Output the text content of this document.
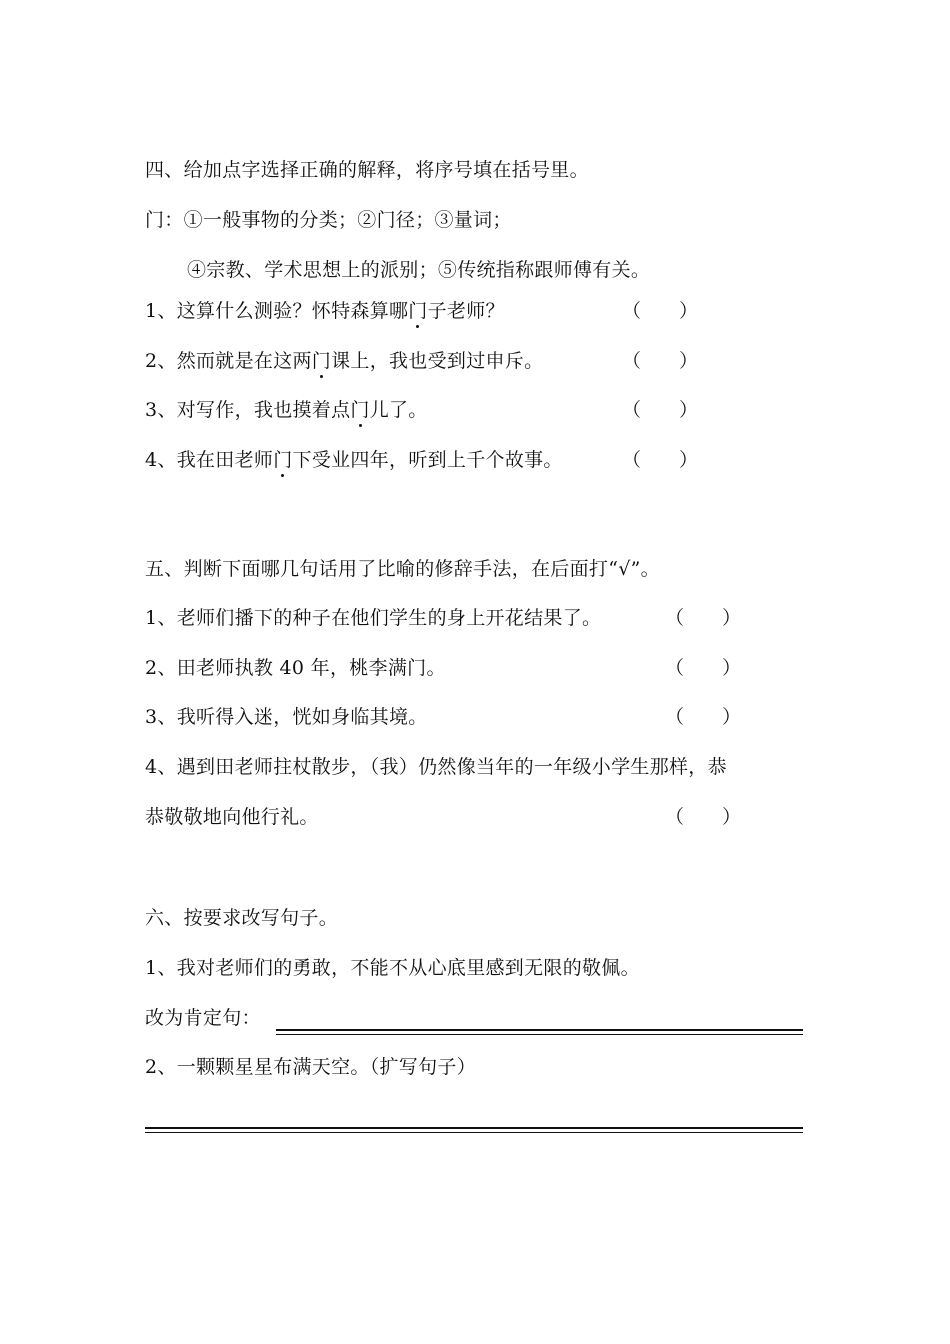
四、给加点字选择正确的解释，将序号填在括号里。
门：①一般事物的分类；②门径；③量词；
④宗教、学术思想上的派别；⑤传统指称跟师傅有关。
1、这算什么测验？怀特森算哪门子老师？	（　　）
2、然而就是在这两门课上，我也受到过申斥。	（　　）
3、对写作，我也摸着点门儿了。	（　　）
4、我在田老师门下受业四年，听到上千个故事。	（　　）
五、判断下面哪几句话用了比喻的修辞手法，在后面打“√”。
1、老师们播下的种子在他们学生的身上开花结果了。	（　　）
2、田老师执教 40 年，桃李满门。	（　　）
3、我听得入迷，恍如身临其境。	（　　）
4、遇到田老师拄杖散步，（我）仍然像当年的一年级小学生那样，恭
恭敬敬地向他行礼。	（　　）
六、按要求改写句子。
1、我对老师们的勇敢，不能不从心底里感到无限的敬佩。
改为肯定句：
2、一颗颗星星布满天空。（扩写句子）
